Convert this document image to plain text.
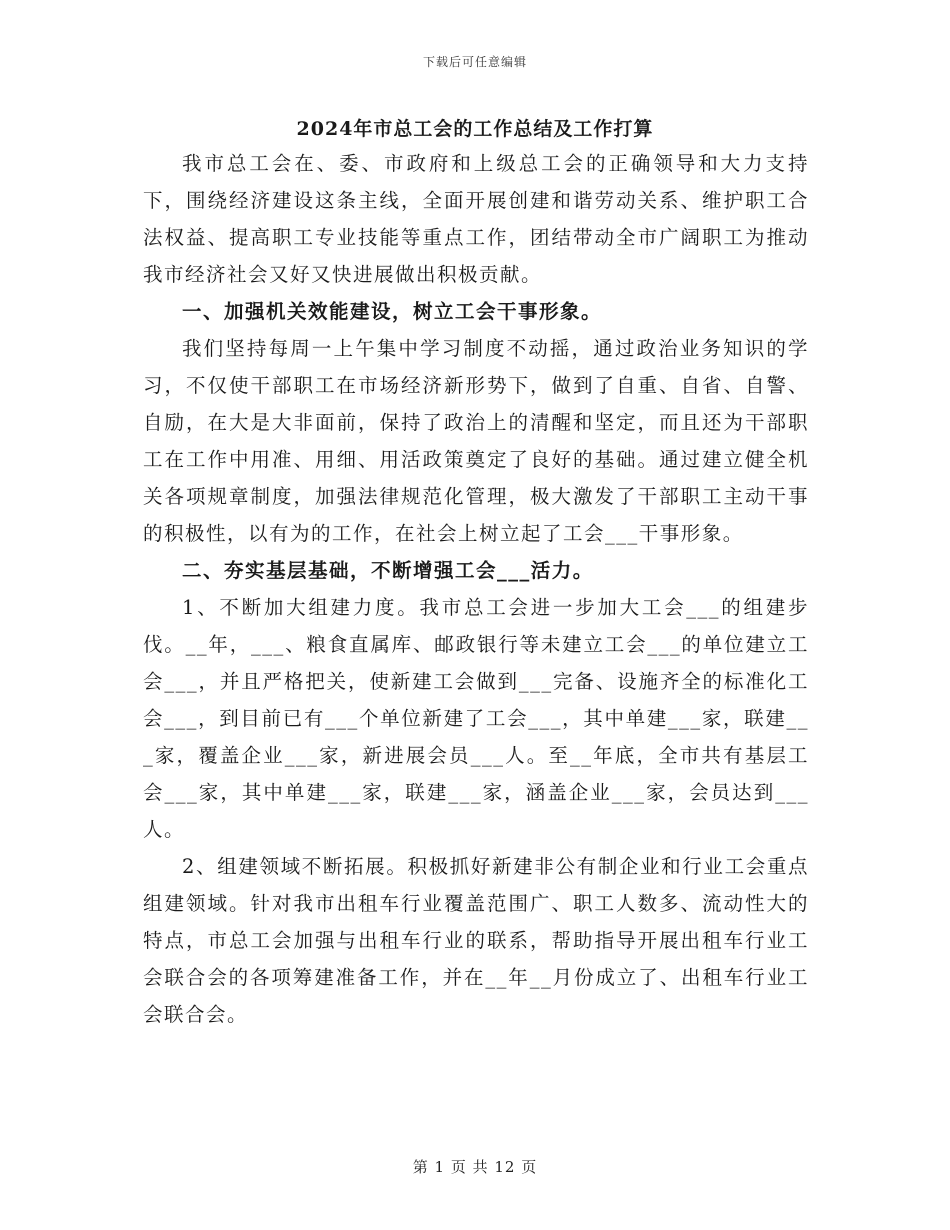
下载后可任意编辑
2024年市总工会的工作总结及工作打算

我市总工会在、委、市政府和上级总工会的正确领导和大力支持下，围绕经济建设这条主线，全面开展创建和谐劳动关系、维护职工合法权益、提高职工专业技能等重点工作，团结带动全市广阔职工为推动我市经济社会又好又快进展做出积极贡献。

一、加强机关效能建设，树立工会干事形象。

我们坚持每周一上午集中学习制度不动摇，通过政治业务知识的学习，不仅使干部职工在市场经济新形势下，做到了自重、自省、自警、自励，在大是大非面前，保持了政治上的清醒和坚定，而且还为干部职工在工作中用准、用细、用活政策奠定了良好的基础。通过建立健全机关各项规章制度，加强法律规范化管理，极大激发了干部职工主动干事的积极性，以有为的工作，在社会上树立起了工会___干事形象。

二、夯实基层基础，不断增强工会___活力。

1、不断加大组建力度。我市总工会进一步加大工会___的组建步伐。__年，___、粮食直属库、邮政银行等未建立工会___的单位建立工会___，并且严格把关，使新建工会做到___完备、设施齐全的标准化工会___，到目前已有___个单位新建了工会___，其中单建___家，联建___家，覆盖企业___家，新进展会员___人。至__年底，全市共有基层工会___家，其中单建___家，联建___家，涵盖企业___家，会员达到___人。

2、组建领域不断拓展。积极抓好新建非公有制企业和行业工会重点组建领域。针对我市出租车行业覆盖范围广、职工人数多、流动性大的特点，市总工会加强与出租车行业的联系，帮助指导开展出租车行业工会联合会的各项筹建准备工作，并在__年__月份成立了、出租车行业工会联合会。

第 1 页 共 12 页
